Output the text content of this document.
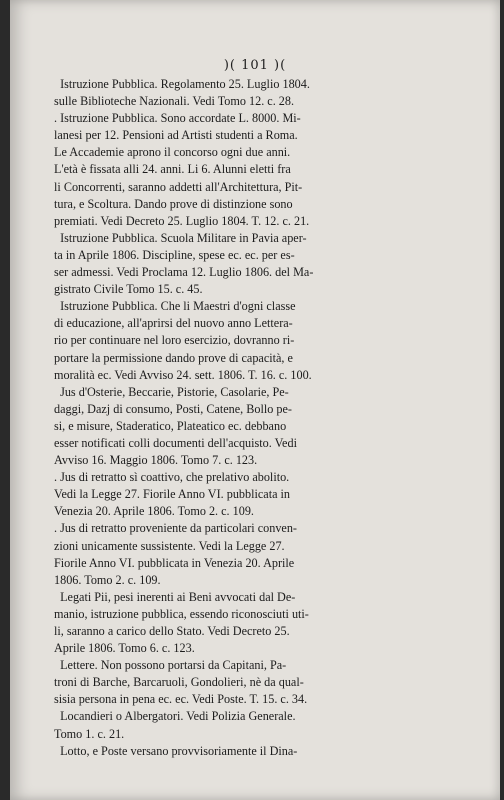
)( 101 )(
Istruzione Pubblica. Regolamento 25. Luglio 1804.
sulle Biblioteche Nazionali. Vedi Tomo 12. c. 28.
. Istruzione Pubblica. Sono accordate L. 8000. Mi-
lanesi per 12. Pensioni ad Artisti studenti a Roma.
Le Accademie aprono il concorso ogni due anni.
L'età è fissata alli 24. anni. Li 6. Alunni eletti fra
li Concorrenti, saranno addetti all'Architettura, Pit-
tura, e Scoltura. Dando prove di distinzione sono
premiati. Vedi Decreto 25. Luglio 1804. T. 12. c. 21.
Istruzione Pubblica. Scuola Militare in Pavia aper-
ta in Aprile 1806. Discipline, spese ec. ec. per es-
ser admessi. Vedi Proclama 12. Luglio 1806. del Ma-
gistrato Civile Tomo 15. c. 45.
Istruzione Pubblica. Che li Maestri d'ogni classe
di educazione, all'aprirsi del nuovo anno Lettera-
rio per continuare nel loro esercizio, dovranno ri-
portare la permissione dando prove di capacità, e
moralità ec. Vedi Avviso 24. sett. 1806. T. 16. c. 100.
Jus d'Osterie, Beccarie, Pistorie, Casolarie, Pe-
daggi, Dazj di consumo, Posti, Catene, Bollo pe-
si, e misure, Staderatico, Plateatico ec. debbano
esser notificati colli documenti dell'acquisto. Vedi
Avviso 16. Maggio 1806. Tomo 7. c. 123.
. Jus di retratto sì coattivo, che prelativo abolito.
Vedi la Legge 27. Fiorile Anno VI. pubblicata in
Venezia 20. Aprile 1806. Tomo 2. c. 109.
. Jus di retratto proveniente da particolari conven-
zioni unicamente sussistente. Vedi la Legge 27.
Fiorile Anno VI. pubblicata in Venezia 20. Aprile
1806. Tomo 2. c. 109.
Legati Pii, pesi inerenti ai Beni avvocati dal De-
manio, istruzione pubblica, essendo riconosciuti uti-
li, saranno a carico dello Stato. Vedi Decreto 25.
Aprile 1806. Tomo 6. c. 123.
Lettere. Non possono portarsi da Capitani, Pa-
troni di Barche, Barcaruoli, Gondolieri, nè da qual-
sisia persona in pena ec. ec. Vedi Poste. T. 15. c. 34.
Locandieri o Albergatori. Vedi Polizia Generale.
Tomo 1. c. 21.
Lotto, e Poste versano provvisoriamente il Dina-
